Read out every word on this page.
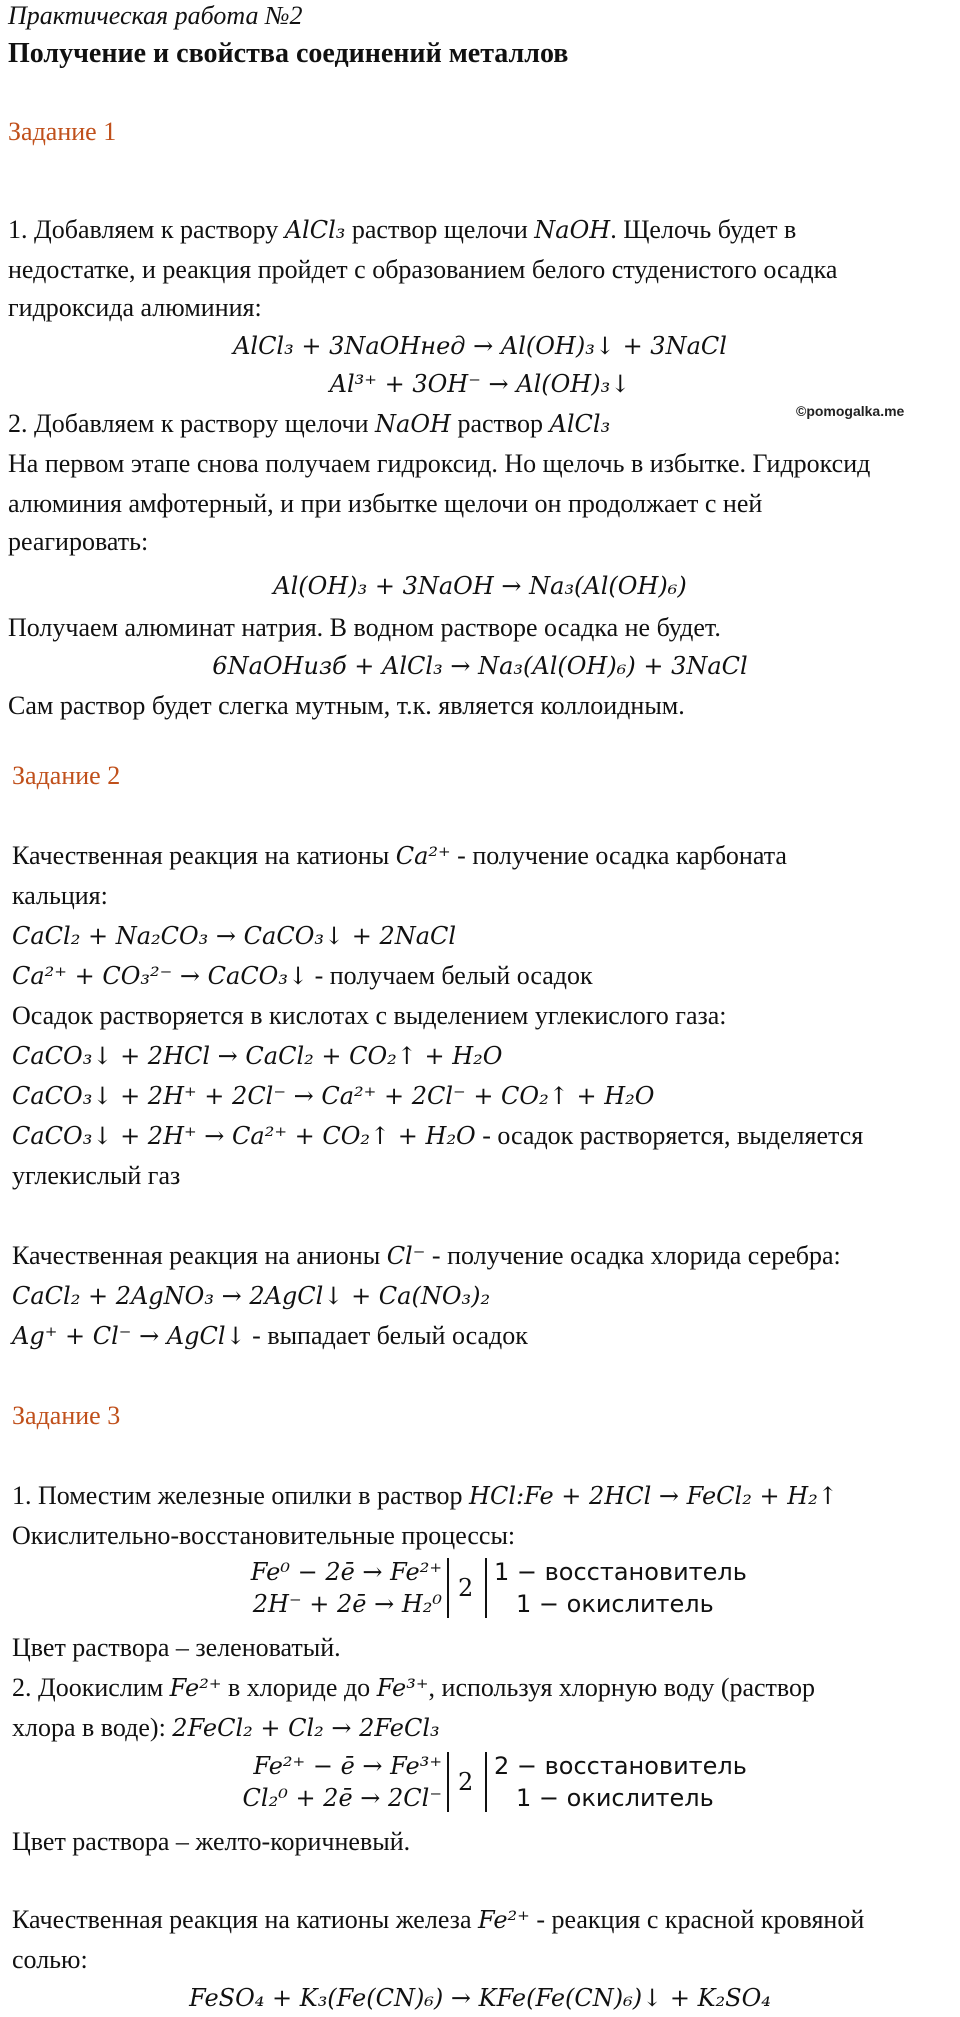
Практическая работа №2
Получение и свойства соединений металлов
Задание 1
1. Добавляем к раствору AlCl₃ раствор щелочи NaOH. Щелочь будет в
недостатке, и реакция пройдет с образованием белого студенистого осадка
гидроксида алюминия:
AlCl₃ + 3NaOHнед → Al(OH)₃↓ + 3NaCl
Al³⁺ + 3OH⁻ → Al(OH)₃↓
©pomogalka.me
2. Добавляем к раствору щелочи NaOH раствор AlCl₃
На первом этапе снова получаем гидроксид. Но щелочь в избытке. Гидроксид
алюминия амфотерный, и при избытке щелочи он продолжает с ней
реагировать:
Al(OH)₃ + 3NaOH → Na₃(Al(OH)₆)
Получаем алюминат натрия. В водном растворе осадка не будет.
6NaOHизб + AlCl₃ → Na₃(Al(OH)₆) + 3NaCl
Сам раствор будет слегка мутным, т.к. является коллоидным.
Задание 2
Качественная реакция на катионы Ca²⁺ - получение осадка карбоната
кальция:
CaCl₂ + Na₂CO₃ → CaCO₃↓ + 2NaCl
Ca²⁺ + CO₃²⁻ → CaCO₃↓ - получаем белый осадок
Осадок растворяется в кислотах с выделением углекислого газа:
CaCO₃↓ + 2HCl → CaCl₂ + CO₂↑ + H₂O
CaCO₃↓ + 2H⁺ + 2Cl⁻ → Ca²⁺ + 2Cl⁻ + CO₂↑ + H₂O
CaCO₃↓ + 2H⁺ → Ca²⁺ + CO₂↑ + H₂O - осадок растворяется, выделяется
углекислый газ
Качественная реакция на анионы Cl⁻ - получение осадка хлорида серебра:
CaCl₂ + 2AgNO₃ → 2AgCl↓ + Ca(NO₃)₂
Ag⁺ + Cl⁻ → AgCl↓ - выпадает белый осадок
Задание 3
1. Поместим железные опилки в раствор HCl:Fe + 2HCl → FeCl₂ + H₂↑
Окислительно-восстановительные процессы:
Fe⁰ − 2ē → Fe²⁺
2H⁻ + 2ē → H₂⁰
2
1 − восстановитель
1 − окислитель
Цвет раствора – зеленоватый.
2. Доокислим Fe²⁺ в хлориде до Fe³⁺, используя хлорную воду (раствор
хлора в воде): 2FeCl₂ + Cl₂ → 2FeCl₃
Fe²⁺ − ē → Fe³⁺
Cl₂⁰ + 2ē → 2Cl⁻
2
2 − восстановитель
1 − окислитель
Цвет раствора – желто-коричневый.
Качественная реакция на катионы железа Fe²⁺ - реакция с красной кровяной
солью:
FeSO₄ + K₃(Fe(CN)₆) → KFe(Fe(CN)₆)↓ + K₂SO₄
